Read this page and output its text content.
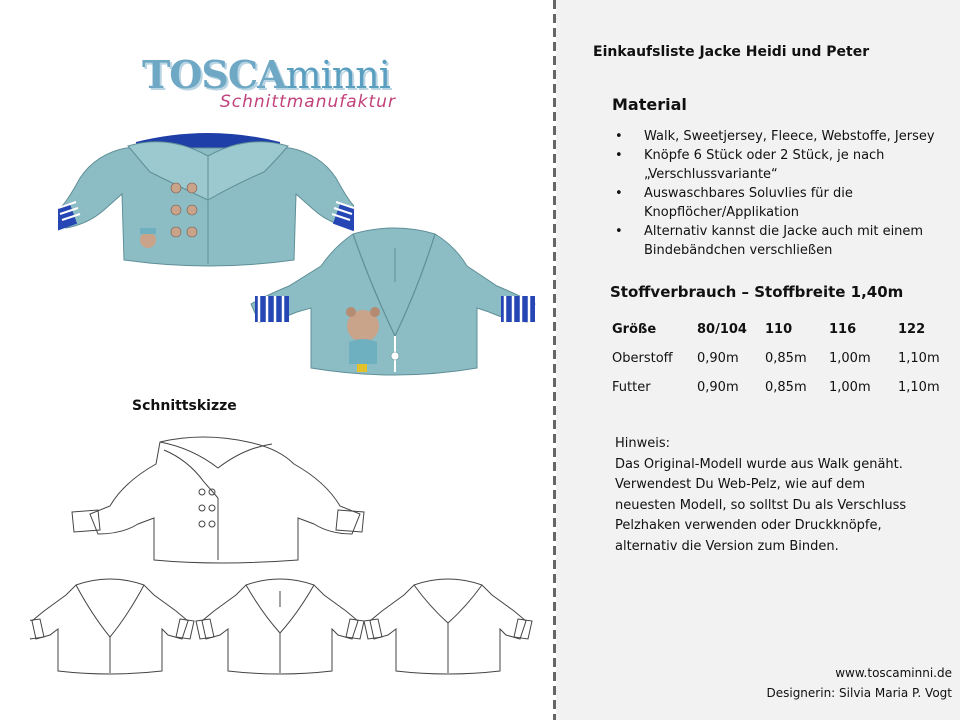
TOSCAminni
Schnittmanufaktur
Schnittskizze
Einkaufsliste Jacke Heidi und Peter
Material
• Walk, Sweetjersey, Fleece, Webstoffe, Jersey
• Knöpfe 6 Stück oder 2 Stück, je nach „Verschlussvariante“
• Auswaschbares Soluvlies für die Knopflöcher/Applikation
• Alternativ kannst die Jacke auch mit einem Bindebändchen verschließen
Stoffverbrauch – Stoffbreite 1,40m
Größe	80/104	110	116	122
Oberstoff	0,90m	0,85m	1,00m	1,10m
Futter	0,90m	0,85m	1,00m	1,10m
Hinweis:
Das Original-Modell wurde aus Walk genäht.
Verwendest Du Web-Pelz, wie auf dem
neuesten Modell, so solltst Du als Verschluss
Pelzhaken verwenden oder Druckknöpfe,
alternativ die Version zum Binden.
www.toscaminni.de
Designerin: Silvia Maria P. Vogt
